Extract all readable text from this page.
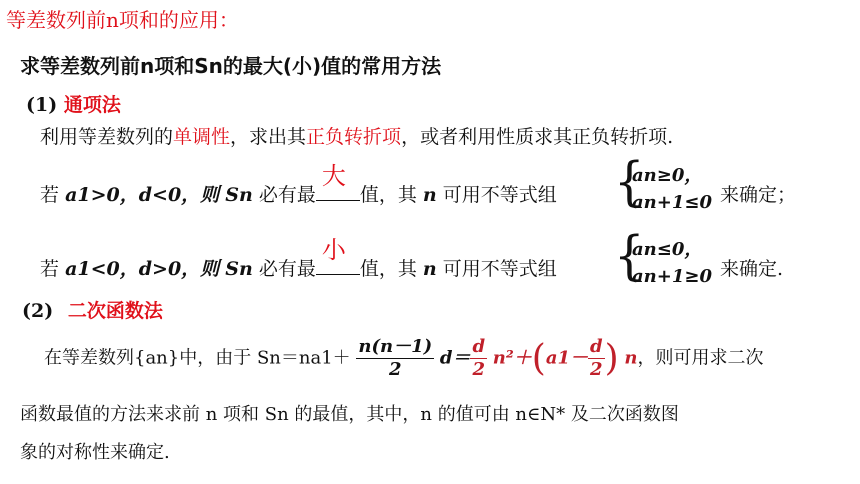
等差数列前n项和的应用：
求等差数列前n项和Sn的最大(小)值的常用方法
(1) 通项法
利用等差数列的单调性，求出其正负转折项，或者利用性质求其正负转折项.
若 a1>0，d<0，则 Sn 必有最
大
值，其 n 可用不等式组 {
an≥0，
an+1≤0 来确定；
若 a1<0，d>0，则 Sn 必有最
小
值，其 n 可用不等式组 {
an≤0，
an+1≥0 来确定.
(2) 二次函数法
在等差数列{an}中，由于 $Sn=na1+ \frac{n(n-1)}{2} d= \frac{d}{2} n^2+(a1- \frac{d}{2}$ ) n，则可用求二次
函数最值的方法来求前 n 项和 Sn 的最值，其中，n 的值可由 n∈N* 及二次函数图
象的对称性来确定.
